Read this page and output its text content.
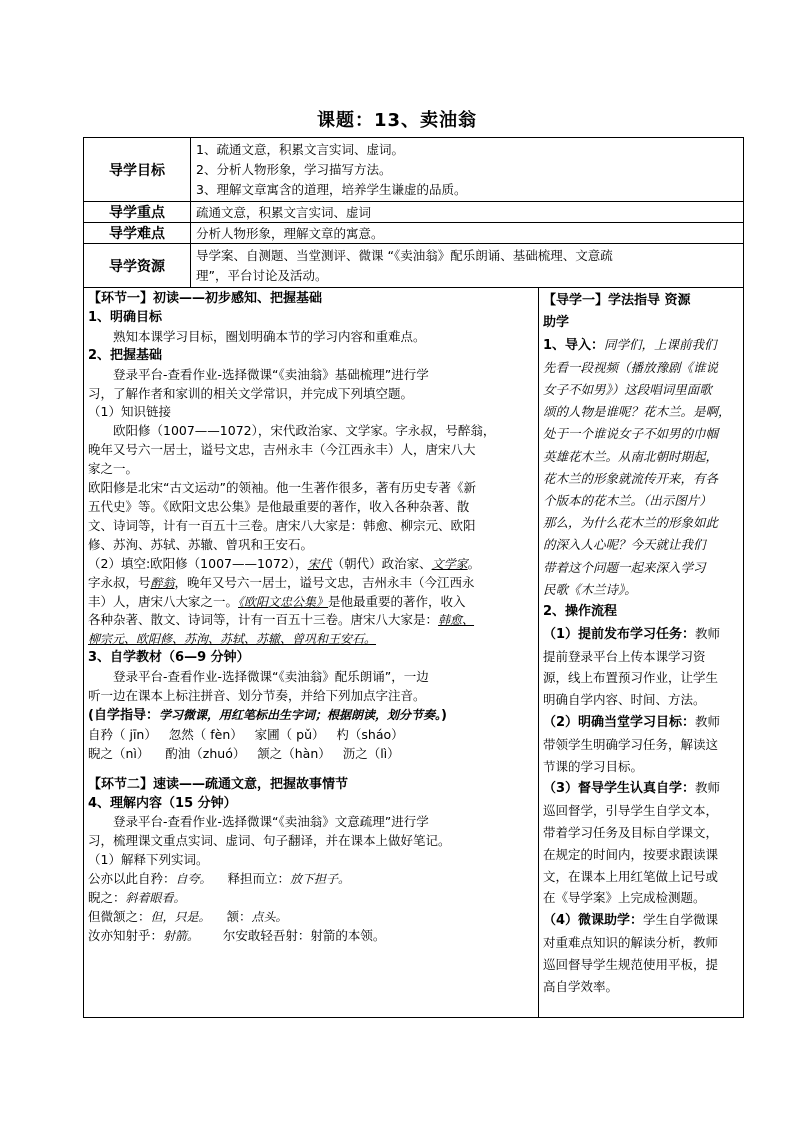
课题：13、卖油翁
导学目标	1、疏通文意，积累文言实词、虚词。
2、分析人物形象，学习描写方法。
3、理解文章寓含的道理，培养学生谦虚的品质。

导学重点	疏通文意，积累文言实词、虚词
导学难点	分析人物形象，理解文章的寓意。
导学资源	导学案、自测题、当堂测评、微课 “《卖油翁》配乐朗诵、基础梳理、文意疏
理”，平台讨论及活动。
【环节一】初读——初步感知、把握基础
1、明确目标
熟知本课学习目标，圈划明确本节的学习内容和重难点。
2、把握基础
登录平台-查看作业-选择微课“《卖油翁》基础梳理”进行学
习，了解作者和家训的相关文学常识，并完成下列填空题。
（1）知识链接
欧阳修（1007——1072），宋代政治家、文学家。字永叔，号醉翁，
晚年又号六一居士，谥号文忠，吉州永丰（今江西永丰）人，唐宋八大
家之一。
欧阳修是北宋“古文运动”的领袖。他一生著作很多，著有历史专著《新
五代史》等。《欧阳文忠公集》是他最重要的著作，收入各种杂著、散
文、诗词等，计有一百五十三卷。唐宋八大家是：韩愈、柳宗元、欧阳
修、苏洵、苏轼、苏辙、曾巩和王安石。
（2）填空:欧阳修（1007——1072），宋代（朝代）政治家、文学家。
字永叔，号醉翁，晚年又号六一居士，谥号文忠，吉州永丰（今江西永
丰）人，唐宋八大家之一。《欧阳文忠公集》是他最重要的著作，收入
各种杂著、散文、诗词等，计有一百五十三卷。唐宋八大家是：韩愈、
柳宗元、欧阳修、苏洵、苏轼、苏辙、曾巩和王安石。
3、自学教材（6—9 分钟）
登录平台-查看作业-选择微课“《卖油翁》配乐朗诵”，一边
听一边在课本上标注拼音、划分节奏，并给下列加点字注音。
(自学指导：学习微课，用红笔标出生字词；根据朗读，划分节奏。)
自矜（ jīn）   忽然（ fèn）   家圃（ pǔ）   杓（sháo）
睨之（nì）    酌油（zhuó）   颔之（hàn）   沥之（lì）
【环节二】速读——疏通文意，把握故事情节
4、理解内容（15 分钟）
登录平台-查看作业-选择微课“《卖油翁》文意疏理”进行学
习，梳理课文重点实词、虚词、句子翻译，并在课本上做好笔记。
（1）解释下列实词。
公亦以此自矜：自夸。 释担而立：放下担子。
睨之：斜着眼看。
但微颔之：但，只是。 颔：点头。
汝亦知射乎：射箭。 尔安敢轻吾射：射箭的本领。

【导学一】学法指导 资源
助学
1、导入：同学们，上课前我们
先看一段视频（播放豫剧《谁说
女子不如男》）这段唱词里面歌
颂的人物是谁呢？花木兰。是啊，
处于一个谁说女子不如男的巾帼
英雄花木兰。从南北朝时期起，
花木兰的形象就流传开来，有各
个版本的花木兰。（出示图片）
那么，为什么花木兰的形象如此
的深入人心呢？今天就让我们
带着这个问题一起来深入学习
民歌《木兰诗》。
2、操作流程
（1）提前发布学习任务：教师
提前登录平台上传本课学习资
源，线上布置预习作业，让学生
明确自学内容、时间、方法。
（2）明确当堂学习目标：教师
带领学生明确学习任务，解读这
节课的学习目标。
（3）督导学生认真自学：教师
巡回督学，引导学生自学文本，
带着学习任务及目标自学课文，
在规定的时间内，按要求跟读课
文，在课本上用红笔做上记号或
在《导学案》上完成检测题。
（4）微课助学：学生自学微课
对重难点知识的解读分析，教师
巡回督导学生规范使用平板，提
高自学效率。
